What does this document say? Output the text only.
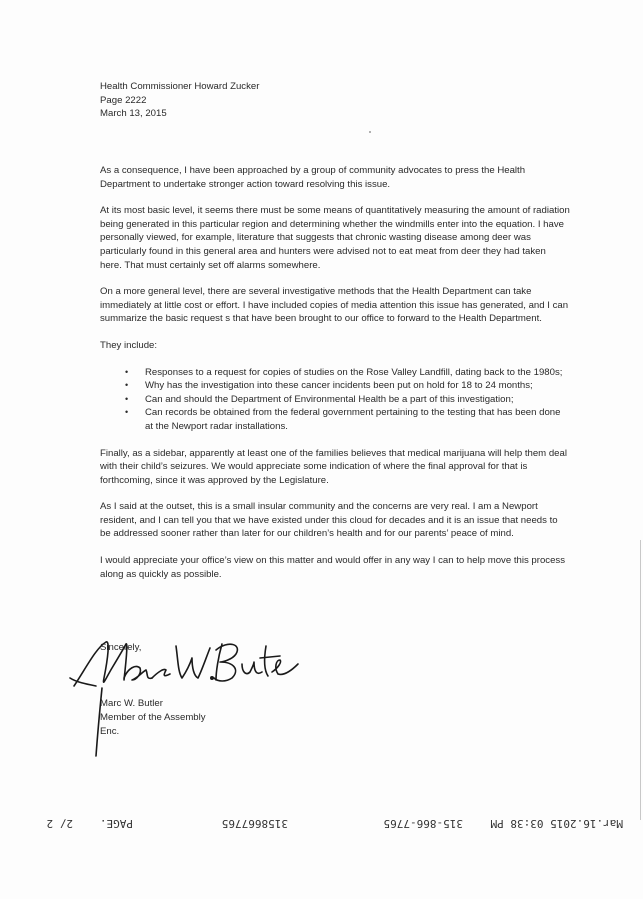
Health Commissioner Howard Zucker
Page 2222
March 13, 2015

As a consequence, I have been approached by a group of community advocates to press the Health Department to undertake stronger action toward resolving this issue.

At its most basic level, it seems there must be some means of quantitatively measuring the amount of radiation being generated in this particular region and determining whether the windmills enter into the equation. I have personally viewed, for example, literature that suggests that chronic wasting disease among deer was particularly found in this general area and hunters were advised not to eat meat from deer they had taken here. That must certainly set off alarms somewhere.

On a more general level, there are several investigative methods that the Health Department can take immediately at little cost or effort. I have included copies of media attention this issue has generated, and I can summarize the basic request s that have been brought to our office to forward to the Health Department.

They include:

• Responses to a request for copies of studies on the Rose Valley Landfill, dating back to the 1980s;
• Why has the investigation into these cancer incidents been put on hold for 18 to 24 months;
• Can and should the Department of Environmental Health be a part of this investigation;
• Can records be obtained from the federal government pertaining to the testing that has been done at the Newport radar installations.

Finally, as a sidebar, apparently at least one of the families believes that medical marijuana will help them deal with their child’s seizures. We would appreciate some indication of where the final approval for that is forthcoming, since it was approved by the Legislature.

As I said at the outset, this is a small insular community and the concerns are very real. I am a Newport resident, and I can tell you that we have existed under this cloud for decades and it is an issue that needs to be addressed sooner rather than later for our children’s health and for our parents’ peace of mind.

I would appreciate your office’s view on this matter and would offer in any way I can to help move this process along as quickly as possible.

Sincerely,
Marc W. Butler
Member of the Assembly
Enc.
Mar.16.2015 03:38 PM
315-866-7765
3158667765
PAGE.
2/ 2
